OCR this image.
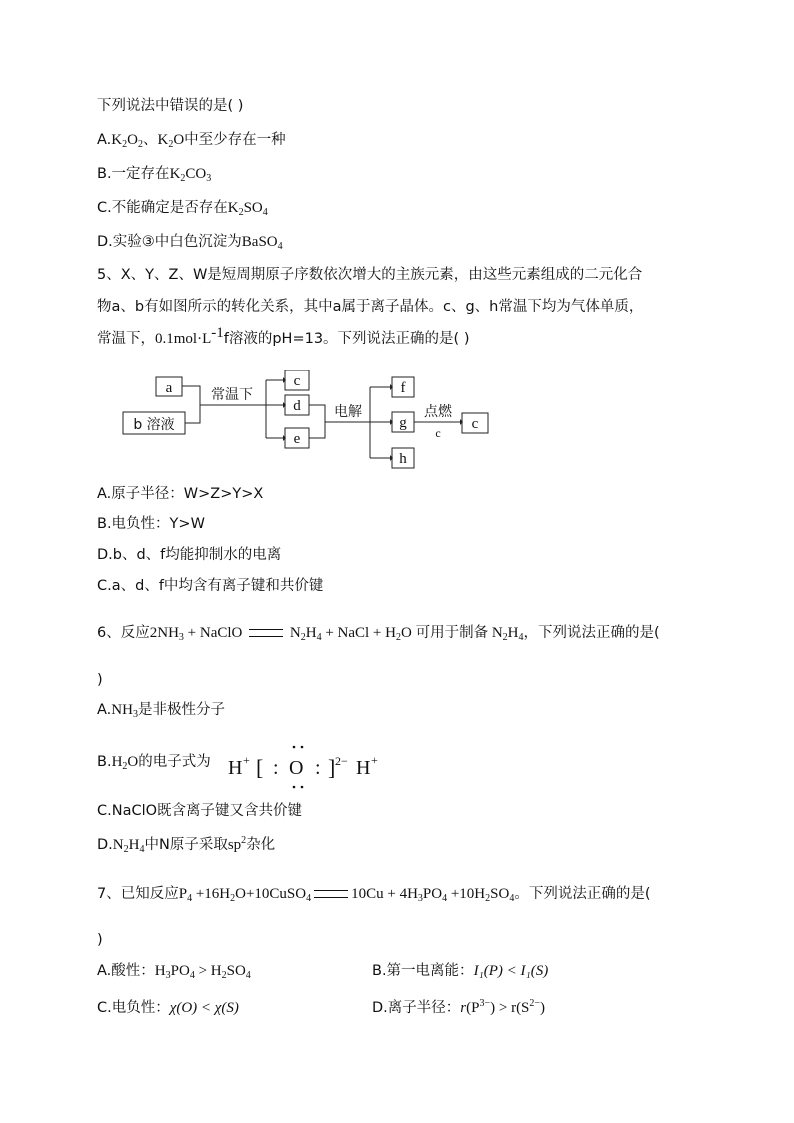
下列说法中错误的是( )
$A.K_2O_2$、$K_2O$中至少存在一种
B.一定存在$K_2CO_3$
C.不能确定是否存在$K_2SO_4$
D.实验③中白色沉淀为BaSO$_4$
5、X、Y、Z、W是短周期原子序数依次增大的主族元素，由这些元素组成的二元化合
物a、b有如图所示的转化关系，其中a属于离子晶体。c、g、h常温下均为气体单质，
常温下，$0.1mol\cdot L^{-1}f$溶液的pH=13。下列说法正确的是( )
a
b 溶液
常温下
c
d
e
电解
f
g
h
点燃
c
c
A.原子半径：W>Z>Y>X
B.电负性：Y>W
D.b、d、f均能抑制水的电离
C.a、d、f中均含有离子键和共价键
6、反应$2NH_3$ + NaClO	$N_2H_4$ + NaCl + $H_2O$ 可用于制备 $N_2H_4$，下列说法正确的是(
)
$A.NH_3$是非极性分子
$B.H_2O$的电子式为 H + [ : O : ] 2− H +
C.NaClO既含离子键又含共价键
$D.N_2H_4$中N原子采取$sp^2$杂化
7、已知反应$P_4$ $+16H_2O+10CuSO_4$	$10Cu + 4H_3PO_4 +10H_2SO_4$。下列说法正确的是(
)
A.酸性：$H_3PO_4 > H_2SO_4$	B.第一电离能：I₁(P) < I₁(S)
C.电负性：χ(O) < χ(S)	D.离子半径：$r(P^{3-}) > r(S^{2-})$
